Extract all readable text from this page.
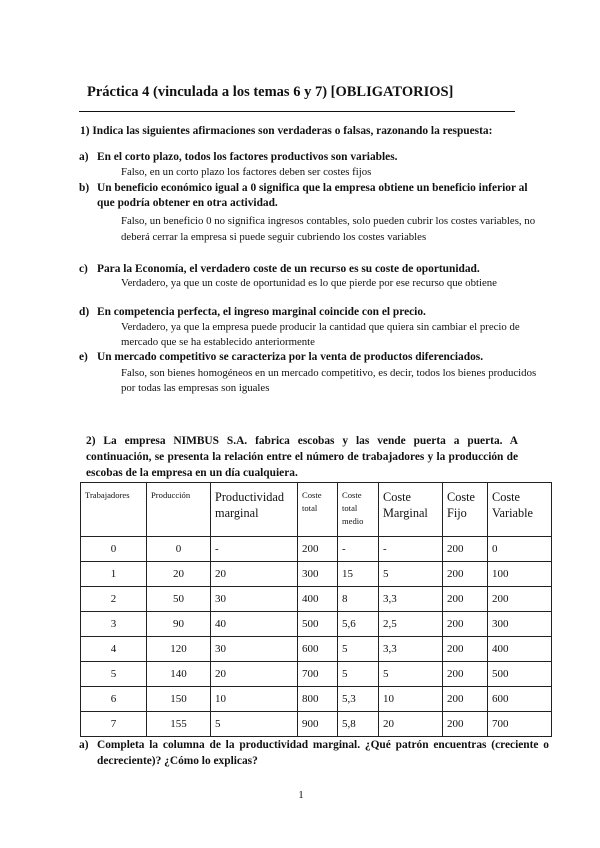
Práctica 4 (vinculada a los temas 6 y 7) [OBLIGATORIOS]
1) Indica las siguientes afirmaciones son verdaderas o falsas, razonando la respuesta:
a) En el corto plazo, todos los factores productivos son variables.
Falso, en un corto plazo los factores deben ser costes fijos
b) Un beneficio económico igual a 0 significa que la empresa obtiene un beneficio inferior al que podría obtener en otra actividad.
Falso, un beneficio 0 no significa ingresos contables, solo pueden cubrir los costes variables, no deberá cerrar la empresa si puede seguir cubriendo los costes variables
c) Para la Economía, el verdadero coste de un recurso es su coste de oportunidad.
Verdadero, ya que un coste de oportunidad es lo que pierde por ese recurso que obtiene
d) En competencia perfecta, el ingreso marginal coincide con el precio.
Verdadero, ya que la empresa puede producir la cantidad que quiera sin cambiar el precio de mercado que se ha establecido anteriormente
e) Un mercado competitivo se caracteriza por la venta de productos diferenciados.
Falso, son bienes homogéneos en un mercado competitivo, es decir, todos los bienes producidos por todas las empresas son iguales
2) La empresa NIMBUS S.A. fabrica escobas y las vende puerta a puerta. A continuación, se presenta la relación entre el número de trabajadores y la producción de escobas de la empresa en un día cualquiera.
Trabajadores	Producción	Productividad marginal	Coste total	Coste total medio	Coste Marginal	Coste Fijo	Coste Variable
0	0	-	200	-	-	200	0
1	20	20	300	15	5	200	100
2	50	30	400	8	3,3	200	200
3	90	40	500	5,6	2,5	200	300
4	120	30	600	5	3,3	200	400
5	140	20	700	5	5	200	500
6	150	10	800	5,3	10	200	600
7	155	5	900	5,8	20	200	700
a) Completa la columna de la productividad marginal. ¿Qué patrón encuentras (creciente o decreciente)? ¿Cómo lo explicas?
1
